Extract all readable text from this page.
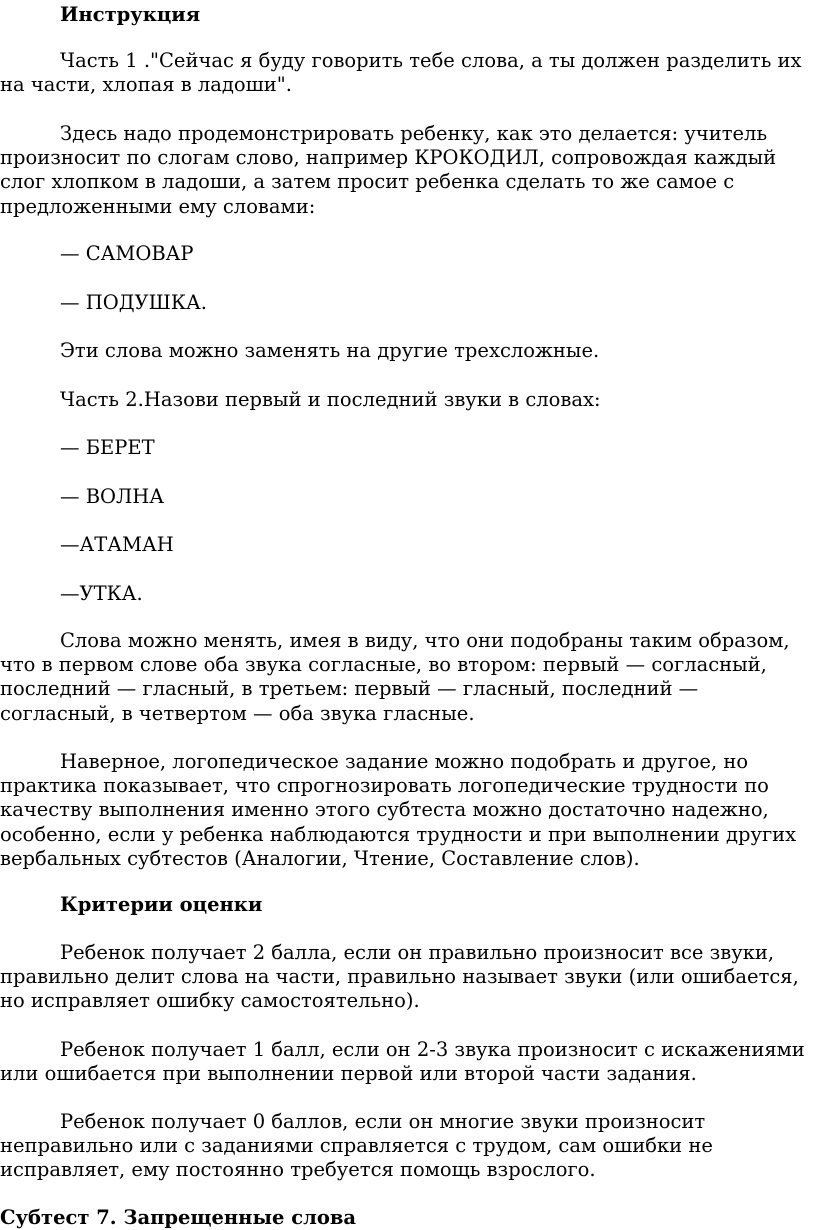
Инструкция

Часть 1 ."Сейчас я буду говорить тебе слова, а ты должен разделить их на части, хлопая в ладоши".

Здесь надо продемонстрировать ребенку, как это делается: учитель произносит по слогам слово, например КРОКОДИЛ, сопровождая каждый слог хлопком в ладоши, а затем просит ребенка сделать то же самое с предложенными ему словами:

— САМОВАР

— ПОДУШКА.

Эти слова можно заменять на другие трехсложные.

Часть 2.Назови первый и последний звуки в словах:

— БЕРЕТ

— ВОЛНА

—АТАМАН

—УТКА.

Слова можно менять, имея в виду, что они подобраны таким образом, что в первом слове оба звука согласные, во втором: первый — согласный, последний — гласный, в третьем: первый — гласный, последний — согласный, в четвертом — оба звука гласные.

Наверное, логопедическое задание можно подобрать и другое, но практика показывает, что спрогнозировать логопедические трудности по качеству выполнения именно этого субтеста можно достаточно надежно, особенно, если у ребенка наблюдаются трудности и при выполнении других вербальных субтестов (Аналогии, Чтение, Составление слов).

Критерии оценки

Ребенок получает 2 балла, если он правильно произносит все звуки, правильно делит слова на части, правильно называет звуки (или ошибается, но исправляет ошибку самостоятельно).

Ребенок получает 1 балл, если он 2-3 звука произносит с искажениями или ошибается при выполнении первой или второй части задания.

Ребенок получает 0 баллов, если он многие звуки произносит неправильно или с заданиями справляется с трудом, сам ошибки не исправляет, ему постоянно требуется помощь взрослого.

Субтест 7. Запрещенные слова
